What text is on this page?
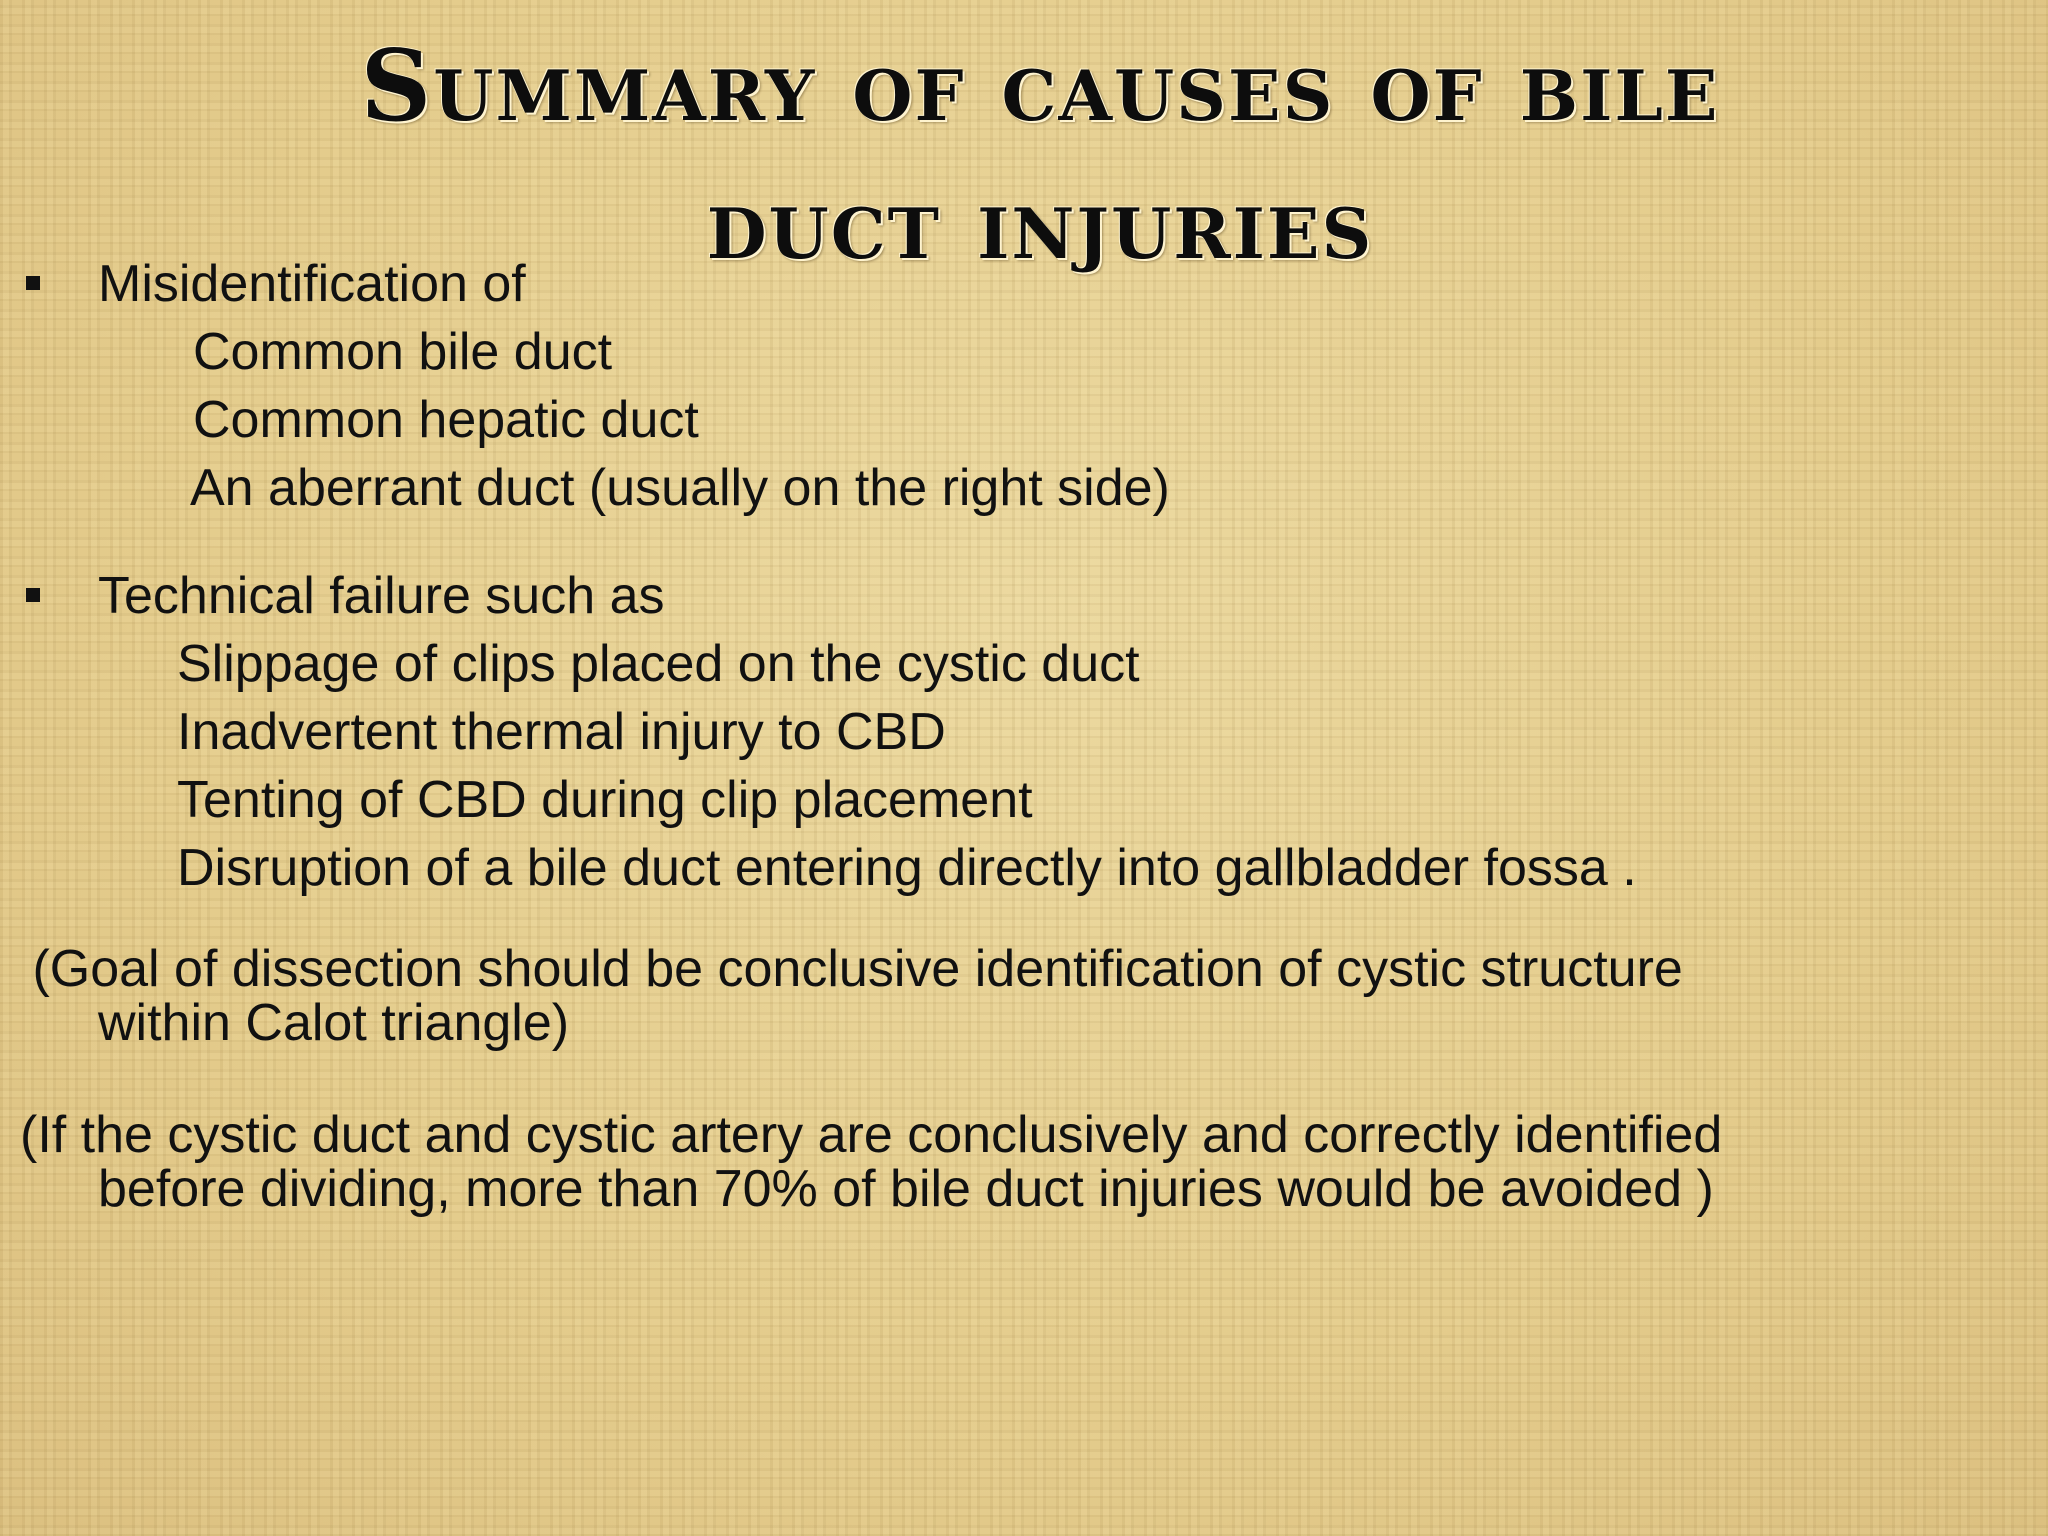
Summary of causes of bile
duct injuries
Misidentification of
Common bile duct
Common hepatic duct
An aberrant duct (usually on the right side)
Technical failure such as
Slippage of clips placed on the cystic duct
Inadvertent thermal injury to CBD
Tenting of CBD during clip placement
Disruption of a bile duct entering directly into gallbladder fossa .
(Goal of dissection should be conclusive identification of cystic structure
within Calot triangle)
(If the cystic duct and cystic artery are conclusively and correctly identified
before dividing, more than 70% of bile duct injuries would be avoided )
